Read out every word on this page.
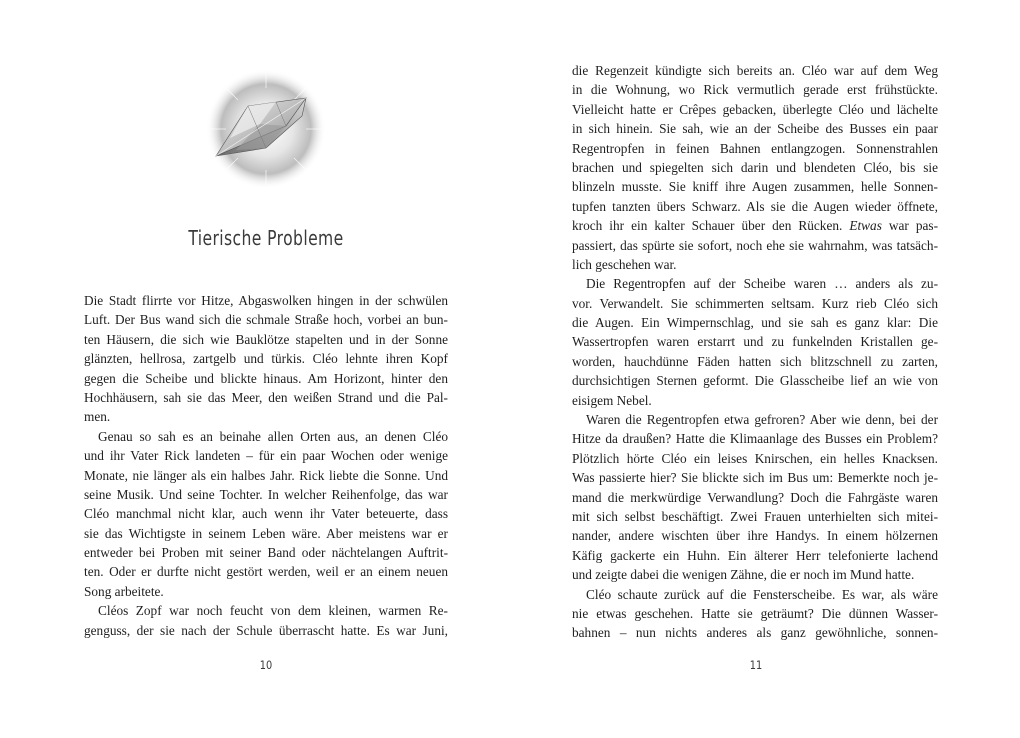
Tierische Probleme
Die Stadt flirrte vor Hitze, Abgaswolken hingen in der schwülen
Luft. Der Bus wand sich die schmale Straße hoch, vorbei an bun-
ten Häusern, die sich wie Bauklötze stapelten und in der Sonne
glänzten, hellrosa, zartgelb und türkis. Cléo lehnte ihren Kopf
gegen die Scheibe und blickte hinaus. Am Horizont, hinter den
Hochhäusern, sah sie das Meer, den weißen Strand und die Pal-
men.
Genau so sah es an beinahe allen Orten aus, an denen Cléo
und ihr Vater Rick landeten – für ein paar Wochen oder wenige
Monate, nie länger als ein halbes Jahr. Rick liebte die Sonne. Und
seine Musik. Und seine Tochter. In welcher Reihenfolge, das war
Cléo manchmal nicht klar, auch wenn ihr Vater beteuerte, dass
sie das Wichtigste in seinem Leben wäre. Aber meistens war er
entweder bei Proben mit seiner Band oder nächtelangen Auftrit-
ten. Oder er durfte nicht gestört werden, weil er an einem neuen
Song arbeitete.
Cléos Zopf war noch feucht von dem kleinen, warmen Re-
genguss, der sie nach der Schule überrascht hatte. Es war Juni,
10
die Regenzeit kündigte sich bereits an. Cléo war auf dem Weg
in die Wohnung, wo Rick vermutlich gerade erst frühstückte.
Vielleicht hatte er Crêpes gebacken, überlegte Cléo und lächelte
in sich hinein. Sie sah, wie an der Scheibe des Busses ein paar
Regentropfen in feinen Bahnen entlangzogen. Sonnenstrahlen
brachen und spiegelten sich darin und blendeten Cléo, bis sie
blinzeln musste. Sie kniff ihre Augen zusammen, helle Sonnen-
tupfen tanzten übers Schwarz. Als sie die Augen wieder öffnete,
kroch ihr ein kalter Schauer über den Rücken. Etwas war pas-
passiert, das spürte sie sofort, noch ehe sie wahrnahm, was tatsäch-
lich geschehen war.
Die Regentropfen auf der Scheibe waren … anders als zu-
vor. Verwandelt. Sie schimmerten seltsam. Kurz rieb Cléo sich
die Augen. Ein Wimpernschlag, und sie sah es ganz klar: Die
Wassertropfen waren erstarrt und zu funkelnden Kristallen ge-
worden, hauchdünne Fäden hatten sich blitzschnell zu zarten,
durchsichtigen Sternen geformt. Die Glasscheibe lief an wie von
eisigem Nebel.
Waren die Regentropfen etwa gefroren? Aber wie denn, bei der
Hitze da draußen? Hatte die Klimaanlage des Busses ein Problem?
Plötzlich hörte Cléo ein leises Knirschen, ein helles Knacksen.
Was passierte hier? Sie blickte sich im Bus um: Bemerkte noch je-
mand die merkwürdige Verwandlung? Doch die Fahrgäste waren
mit sich selbst beschäftigt. Zwei Frauen unterhielten sich mitei-
nander, andere wischten über ihre Handys. In einem hölzernen
Käfig gackerte ein Huhn. Ein älterer Herr telefonierte lachend
und zeigte dabei die wenigen Zähne, die er noch im Mund hatte.
Cléo schaute zurück auf die Fensterscheibe. Es war, als wäre
nie etwas geschehen. Hatte sie geträumt? Die dünnen Wasser-
bahnen – nun nichts anderes als ganz gewöhnliche, sonnen-
11
